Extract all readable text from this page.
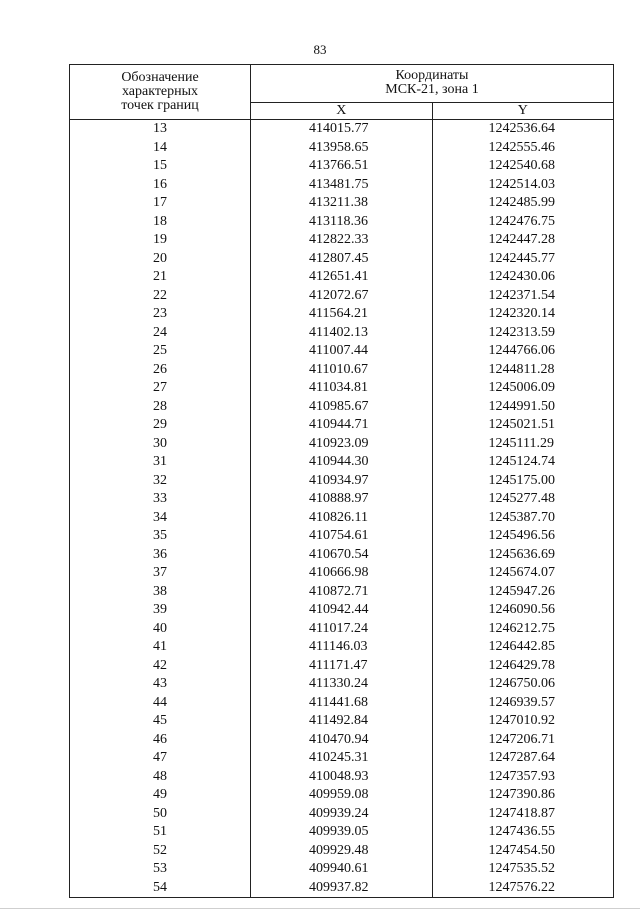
83
Обозначение
характерных
точек границ	Координаты
МСК-21, зона 1	
	X	Y
13	414015.77	1242536.64
14	413958.65	1242555.46
15	413766.51	1242540.68
16	413481.75	1242514.03
17	413211.38	1242485.99
18	413118.36	1242476.75
19	412822.33	1242447.28
20	412807.45	1242445.77
21	412651.41	1242430.06
22	412072.67	1242371.54
23	411564.21	1242320.14
24	411402.13	1242313.59
25	411007.44	1244766.06
26	411010.67	1244811.28
27	411034.81	1245006.09
28	410985.67	1244991.50
29	410944.71	1245021.51
30	410923.09	1245111.29
31	410944.30	1245124.74
32	410934.97	1245175.00
33	410888.97	1245277.48
34	410826.11	1245387.70
35	410754.61	1245496.56
36	410670.54	1245636.69
37	410666.98	1245674.07
38	410872.71	1245947.26
39	410942.44	1246090.56
40	411017.24	1246212.75
41	411146.03	1246442.85
42	411171.47	1246429.78
43	411330.24	1246750.06
44	411441.68	1246939.57
45	411492.84	1247010.92
46	410470.94	1247206.71
47	410245.31	1247287.64
48	410048.93	1247357.93
49	409959.08	1247390.86
50	409939.24	1247418.87
51	409939.05	1247436.55
52	409929.48	1247454.50
53	409940.61	1247535.52
54	409937.82	1247576.22
